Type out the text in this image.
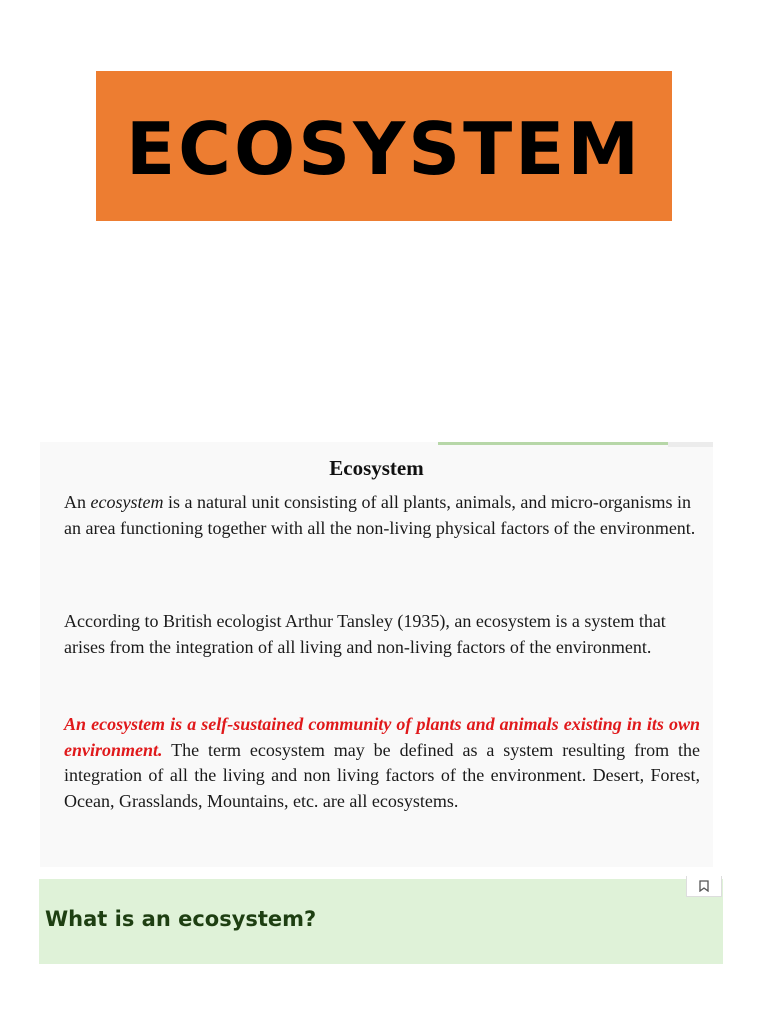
ECOSYSTEM
Ecosystem
An ecosystem is a natural unit consisting of all plants, animals, and micro-organisms in an area functioning together with all the non-living physical factors of the environment.
According to British ecologist Arthur Tansley (1935), an ecosystem is a system that arises from the integration of all living and non-living factors of the environment.
An ecosystem is a self-sustained community of plants and animals existing in its own environment. The term ecosystem may be defined as a system resulting from the integration of all the living and non living factors of the environment. Desert, Forest, Ocean, Grasslands, Mountains, etc. are all ecosystems.
What is an ecosystem?
